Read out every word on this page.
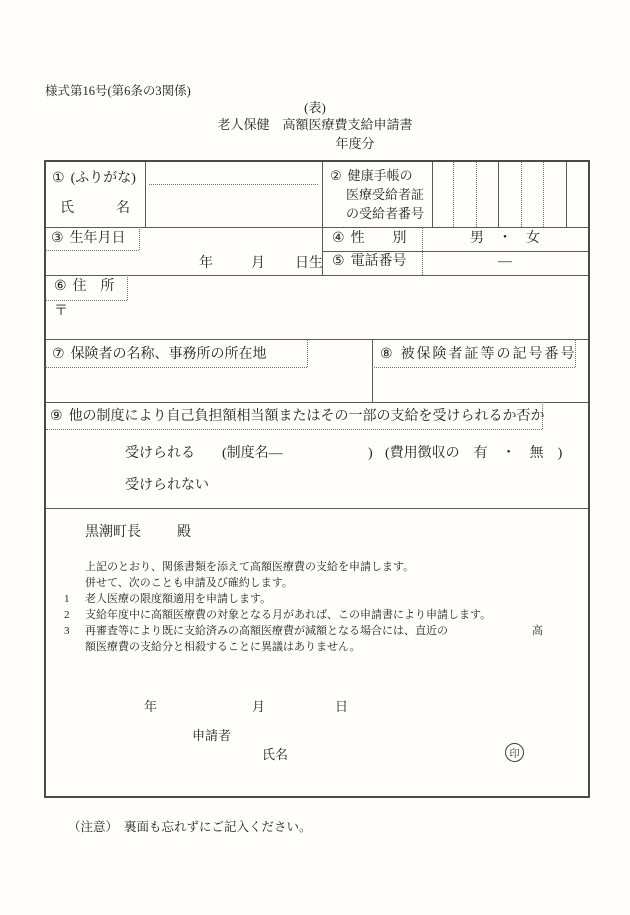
様式第16号(第6条の3関係)
(表)
老人保健　高額医療費支給申請書
年度分
① (ふりがな)
氏　　　名
② 健康手帳の
医療受給者証
の受給者番号
③ 生年月日
年	月 日生
④ 性　　別	男　・　女
⑤ 電話番号	―
⑥ 住　所
〒
⑦ 保険者の名称、事務所の所在地	⑧ 被保険者証等の記号番号
⑨ 他の制度により自己負担額相当額またはその一部の支給を受けられるか否か
受けられる (制度名―	) (費用徴収の　有　・　無　)
受けられない
黒潮町長	殿
上記のとおり、関係書類を添えて高額医療費の支給を申請します。
併せて、次のことも申請及び確約します。
1 老人医療の限度額適用を申請します。
2 支給年度中に高額医療費の対象となる月があれば、この申請書により申請します。
3 再審査等により既に支給済みの高額医療費が減額となる場合には、直近の	高
額医療費の支給分と相殺することに異議はありません。
年	月	日
申請者
氏名	印
（注意） 裏面も忘れずにご記入ください。
